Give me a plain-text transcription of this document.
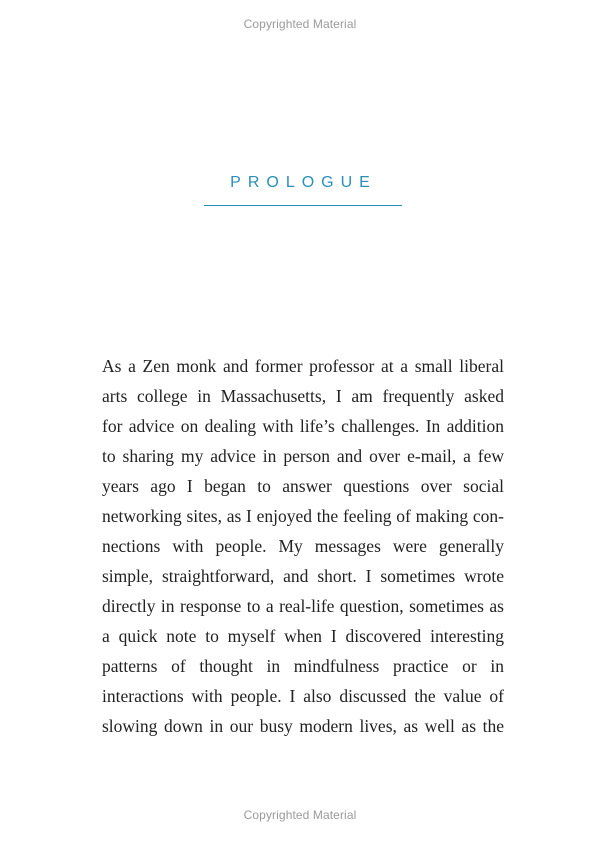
Copyrighted Material
PROLOGUE
As a Zen monk and former professor at a small liberal
arts college in Massachusetts, I am frequently asked
for advice on dealing with life’s challenges. In addition
to sharing my advice in person and over e-mail, a few
years ago I began to answer questions over social
networking sites, as I enjoyed the feeling of making con-
nections with people. My messages were generally
simple, straightforward, and short. I sometimes wrote
directly in response to a real-life question, sometimes as
a quick note to myself when I discovered interesting
patterns of thought in mindfulness practice or in
interactions with people. I also discussed the value of
slowing down in our busy modern lives, as well as the
Copyrighted Material
